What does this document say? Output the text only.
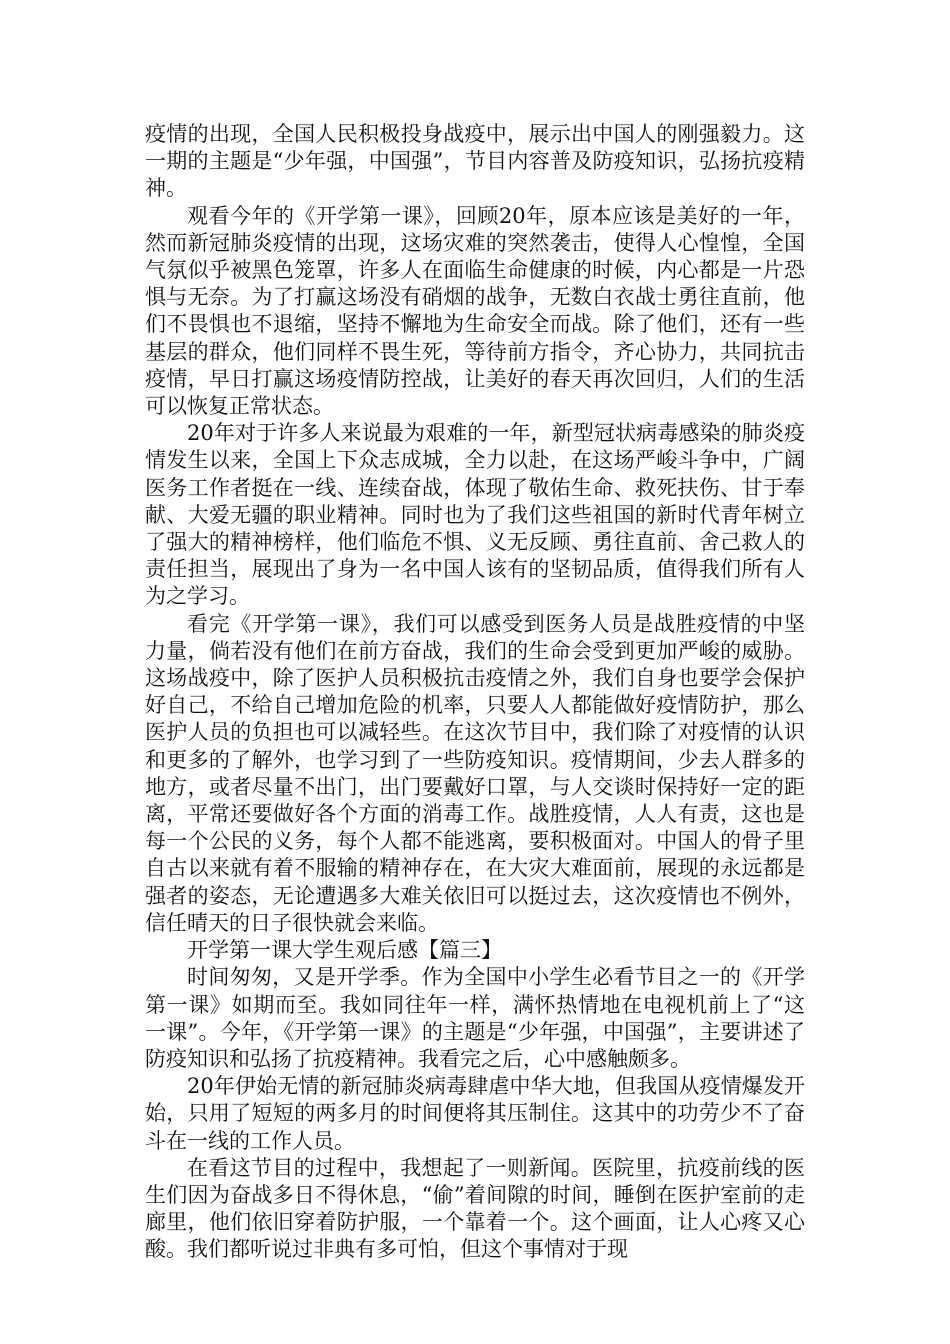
疫情的出现，全国人民积极投身战疫中，展示出中国人的刚强毅力。这一期的主题是“少年强，中国强”，节目内容普及防疫知识，弘扬抗疫精神。

观看今年的《开学第一课》，回顾20年，原本应该是美好的一年，然而新冠肺炎疫情的出现，这场灾难的突然袭击，使得人心惶惶，全国气氛似乎被黑色笼罩，许多人在面临生命健康的时候，内心都是一片恐惧与无奈。为了打赢这场没有硝烟的战争，无数白衣战士勇往直前，他们不畏惧也不退缩，坚持不懈地为生命安全而战。除了他们，还有一些基层的群众，他们同样不畏生死，等待前方指令，齐心协力，共同抗击疫情，早日打赢这场疫情防控战，让美好的春天再次回归，人们的生活可以恢复正常状态。

20年对于许多人来说最为艰难的一年，新型冠状病毒感染的肺炎疫情发生以来，全国上下众志成城，全力以赴，在这场严峻斗争中，广阔医务工作者挺在一线、连续奋战，体现了敬佑生命、救死扶伤、甘于奉献、大爱无疆的职业精神。同时也为了我们这些祖国的新时代青年树立了强大的精神榜样，他们临危不惧、义无反顾、勇往直前、舍己救人的责任担当，展现出了身为一名中国人该有的坚韧品质，值得我们所有人为之学习。

看完《开学第一课》，我们可以感受到医务人员是战胜疫情的中坚力量，倘若没有他们在前方奋战，我们的生命会受到更加严峻的威胁。这场战疫中，除了医护人员积极抗击疫情之外，我们自身也要学会保护好自己，不给自己增加危险的机率，只要人人都能做好疫情防护，那么医护人员的负担也可以减轻些。在这次节目中，我们除了对疫情的认识和更多的了解外，也学习到了一些防疫知识。疫情期间，少去人群多的地方，或者尽量不出门，出门要戴好口罩，与人交谈时保持好一定的距离，平常还要做好各个方面的消毒工作。战胜疫情，人人有责，这也是每一个公民的义务，每个人都不能逃离，要积极面对。中国人的骨子里自古以来就有着不服输的精神存在，在大灾大难面前，展现的永远都是强者的姿态，无论遭遇多大难关依旧可以挺过去，这次疫情也不例外，信任晴天的日子很快就会来临。

开学第一课大学生观后感【篇三】

时间匆匆，又是开学季。作为全国中小学生必看节目之一的《开学第一课》如期而至。我如同往年一样，满怀热情地在电视机前上了“这一课”。今年，《开学第一课》的主题是“少年强，中国强”，主要讲述了防疫知识和弘扬了抗疫精神。我看完之后，心中感触颇多。

20年伊始无情的新冠肺炎病毒肆虐中华大地，但我国从疫情爆发开始，只用了短短的两多月的时间便将其压制住。这其中的功劳少不了奋斗在一线的工作人员。

在看这节目的过程中，我想起了一则新闻。医院里，抗疫前线的医生们因为奋战多日不得休息，“偷”着间隙的时间，睡倒在医护室前的走廊里，他们依旧穿着防护服，一个靠着一个。这个画面，让人心疼又心酸。我们都听说过非典有多可怕，但这个事情对于现
